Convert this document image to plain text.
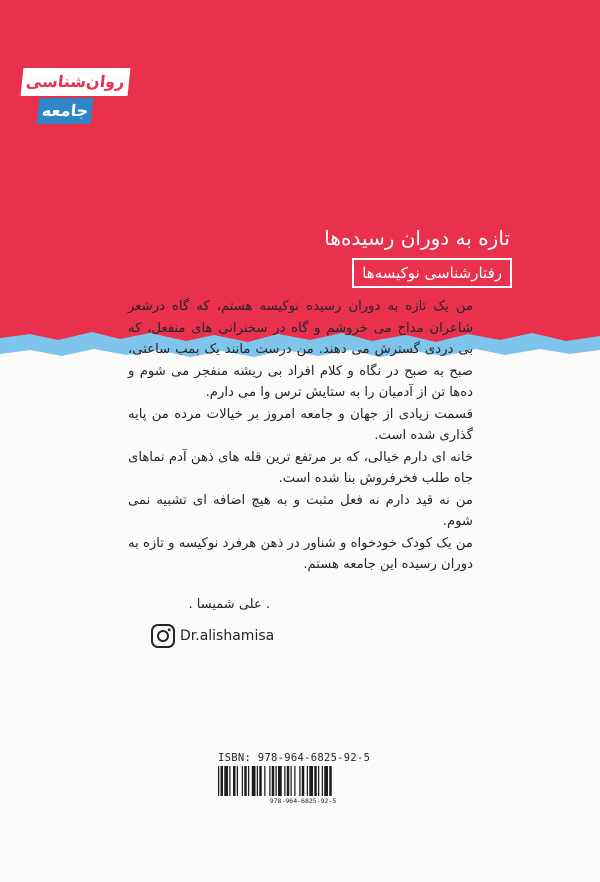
روان‌شناسی
جامعه
تازه به دوران رسیده‌ها
رفتارشناسی نوکیسه‌ها

من یک تازه به دوران رسیده نوکیسه هستم، که گاه درشعر شاعران مداح می خروشم و گاه در سخنرانی های منفعل، که بی دردی گسترش می دهند. من درست مانند یک بمب ساعتی، صبح به صبح در نگاه و کلام افراد بی ریشه منفجر می شوم و ده‌ها تن از آدمیان را به ستایش ترس وا می دارم.

قسمت زیادی از جهان و جامعه امروز بر خیالات مرده من پایه گذاری شده است.

خانه ای دارم خیالی، که بر مرتفع ترین قله های ذهن آدم نماهای جاه طلب فخرفروش بنا شده است.

من نه قید دارم نه فعل مثبت و به هیچ اضافه ای تشبیه نمی شوم.

من یک کودک خودخواه و شناور در ذهن هرفرد نوکیسه و تازه به دوران رسیده این جامعه هستم.

. علی شمیسا .
Dr.alishamisa
ISBN: 978-964-6825-92-5
978-964-6825-92-5
